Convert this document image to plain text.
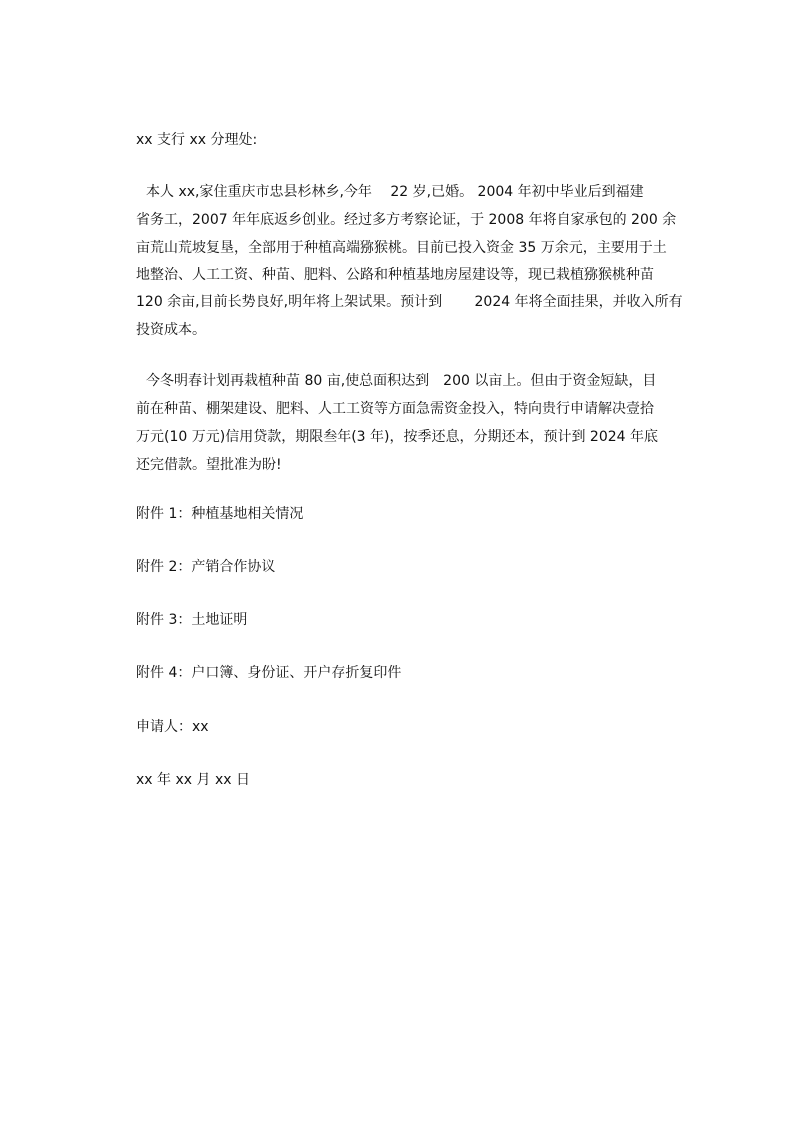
xx 支行 xx 分理处:
本人 xx,家住重庆市忠县杉林乡,今年　 22 岁,已婚。 2004 年初中毕业后到福建
省务工，2007 年年底返乡创业。经过多方考察论证，于 2008 年将自家承包的 200 余
亩荒山荒坡复垦，全部用于种植高端猕猴桃。目前已投入资金 35 万余元，主要用于土
地整治、人工工资、种苗、肥料、公路和种植基地房屋建设等，现已栽植猕猴桃种苗
120 余亩,目前长势良好,明年将上架试果。预计到　　 2024 年将全面挂果，并收入所有
投资成本。
今冬明春计划再栽植种苗 80 亩,使总面积达到　200 以亩上。但由于资金短缺，目
前在种苗、棚架建设、肥料、人工工资等方面急需资金投入，特向贵行申请解决壹拾
万元(10 万元)信用贷款，期限叁年(3 年)，按季还息，分期还本，预计到 2024 年底
还完借款。望批准为盼!
附件 1：种植基地相关情况
附件 2：产销合作协议
附件 3：土地证明
附件 4：户口簿、身份证、开户存折复印件
申请人：xx
xx 年 xx 月 xx 日
